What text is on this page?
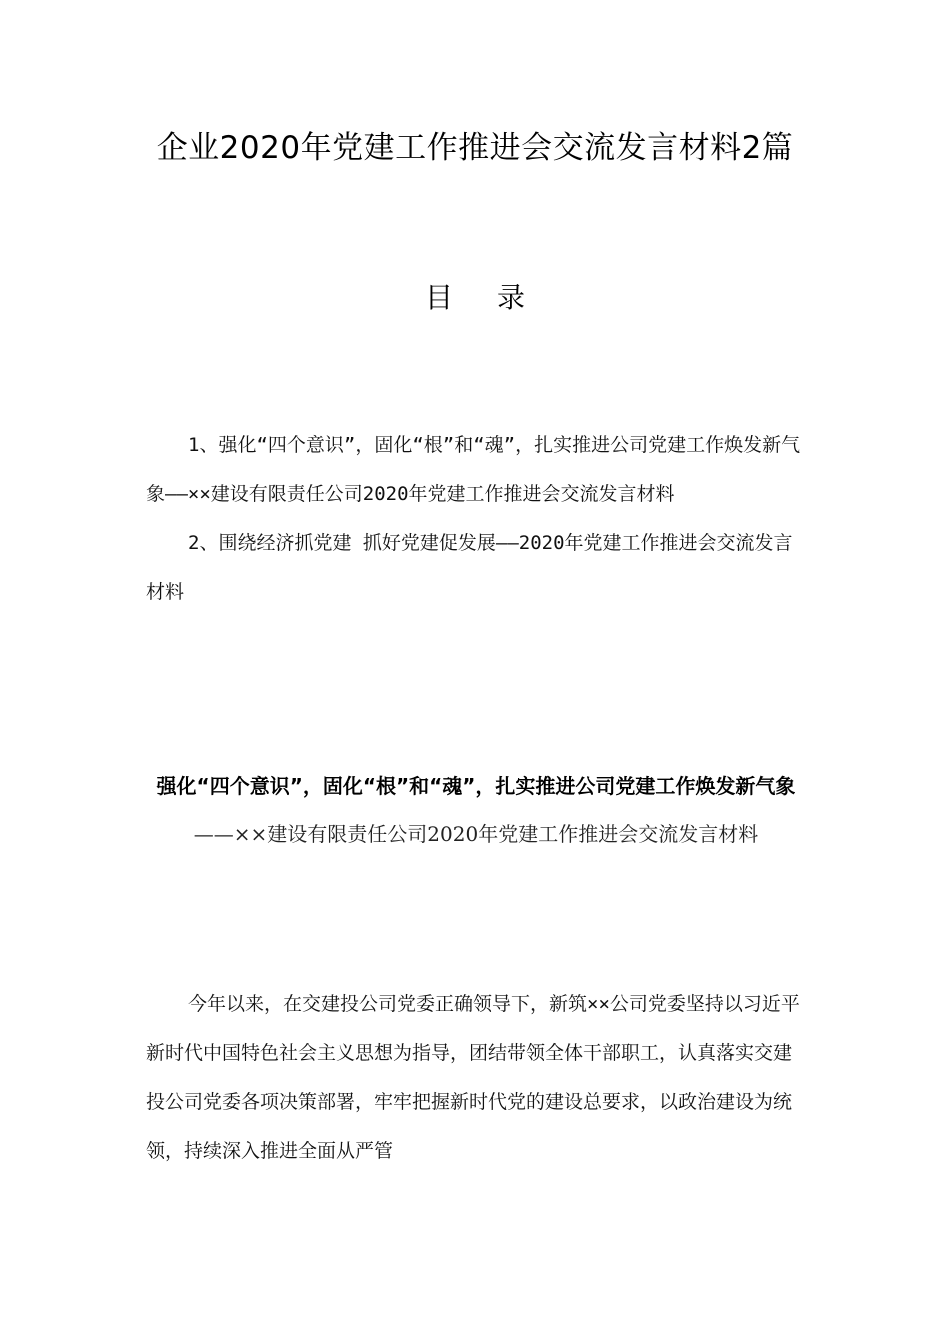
企业2020年党建工作推进会交流发言材料2篇
目 录

1、强化“四个意识”，固化“根”和“魂”，扎实推进公司党建工作焕发新气象——××建设有限责任公司2020年党建工作推进会交流发言材料

2、围绕经济抓党建 抓好党建促发展——2020年党建工作推进会交流发言材料

强化“四个意识”，固化“根”和“魂”，扎实推进公司党建工作焕发新气象——××建设有限责任公司2020年党建工作推进会交流发言材料

今年以来，在交建投公司党委正确领导下，新筑××公司党委坚持以习近平新时代中国特色社会主义思想为指导，团结带领全体干部职工，认真落实交建投公司党委各项决策部署，牢牢把握新时代党的建设总要求，以政治建设为统领，持续深入推进全面从严管
